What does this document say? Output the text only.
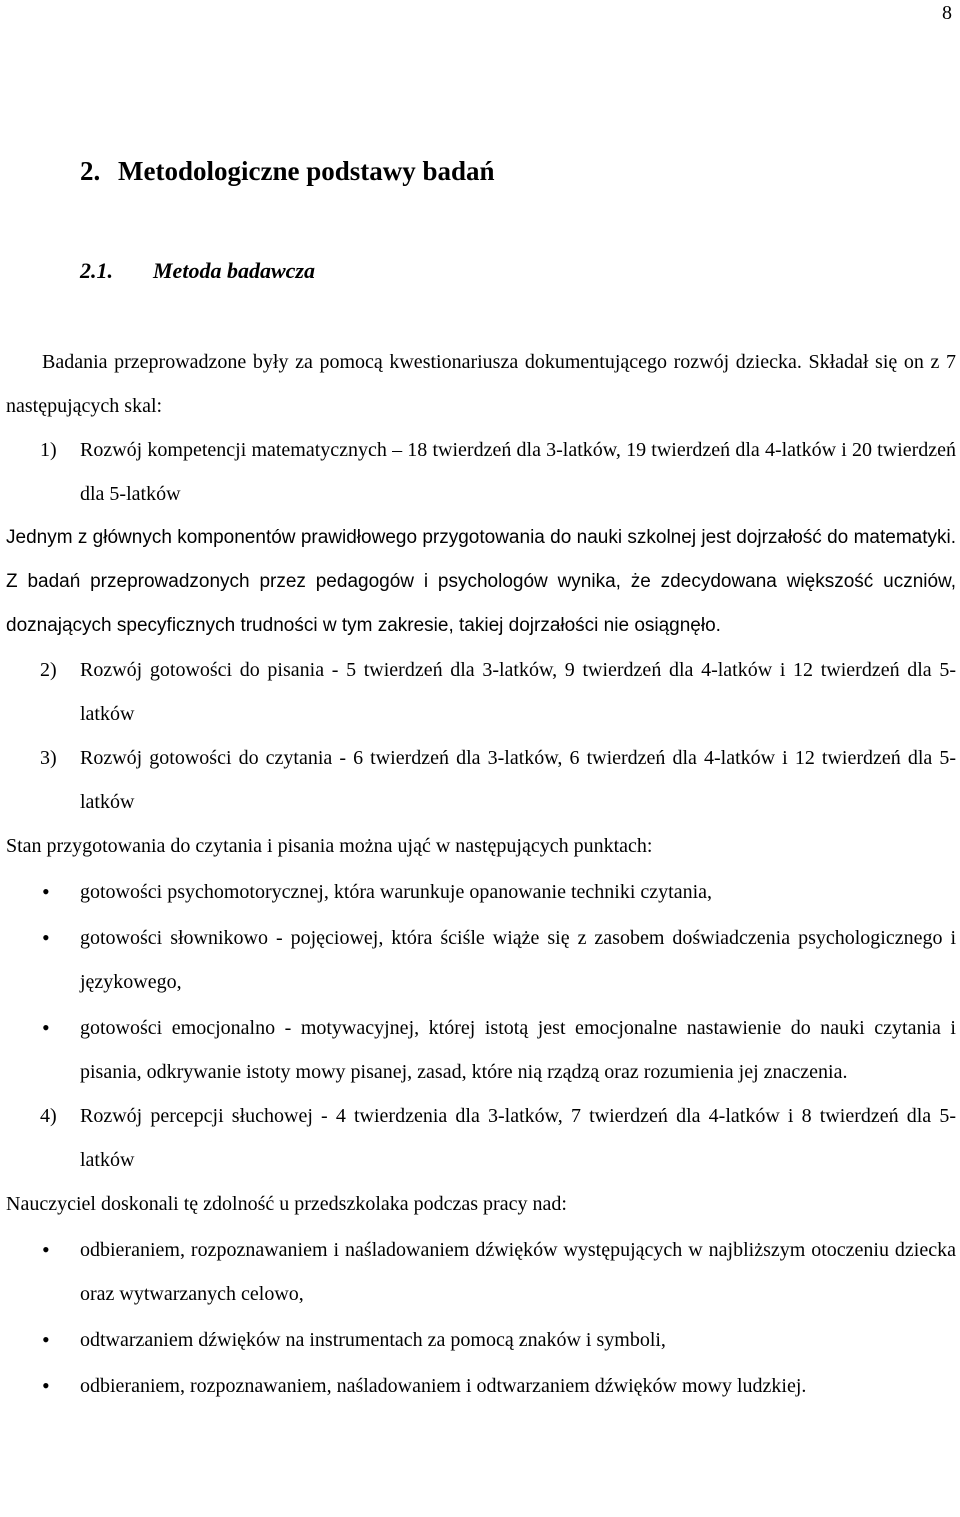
8
2. Metodologiczne podstawy badań
2.1. Metoda badawcza

Badania przeprowadzone były za pomocą kwestionariusza dokumentującego rozwój dziecka. Składał się on z 7 następujących skal:

1)	Rozwój kompetencji matematycznych – 18 twierdzeń dla 3-latków, 19 twierdzeń dla 4-latków i 20 twierdzeń dla 5-latków

Jednym z głównych komponentów prawidłowego przygotowania do nauki szkolnej jest dojrzałość do matematyki. Z badań przeprowadzonych przez pedagogów i psychologów wynika, że zdecydowana większość uczniów, doznających specyficznych trudności w tym zakresie, takiej dojrzałości nie osiągnęło.

2)	Rozwój gotowości do pisania - 5 twierdzeń dla 3-latków, 9 twierdzeń dla 4-latków i 12 twierdzeń dla 5-latków
3)	Rozwój gotowości do czytania - 6 twierdzeń dla 3-latków, 6 twierdzeń dla 4-latków i 12 twierdzeń dla 5-latków

Stan przygotowania do czytania i pisania można ująć w następujących punktach:

•	gotowości psychomotorycznej, która warunkuje opanowanie techniki czytania,
•	gotowości słownikowo - pojęciowej, która ściśle wiąże się z zasobem doświadczenia psychologicznego i językowego,
•	gotowości emocjonalno - motywacyjnej, której istotą jest emocjonalne nastawienie do nauki czytania i pisania, odkrywanie istoty mowy pisanej, zasad, które nią rządzą oraz rozumienia jej znaczenia.
4)	Rozwój percepcji słuchowej - 4 twierdzenia dla 3-latków, 7 twierdzeń dla 4-latków i 8 twierdzeń dla 5-latków

Nauczyciel doskonali tę zdolność u przedszkolaka podczas pracy nad:

•	odbieraniem, rozpoznawaniem i naśladowaniem dźwięków występujących w najbliższym otoczeniu dziecka oraz wytwarzanych celowo,
•	odtwarzaniem dźwięków na instrumentach za pomocą znaków i symboli,
•	odbieraniem, rozpoznawaniem, naśladowaniem i odtwarzaniem dźwięków mowy ludzkiej.
